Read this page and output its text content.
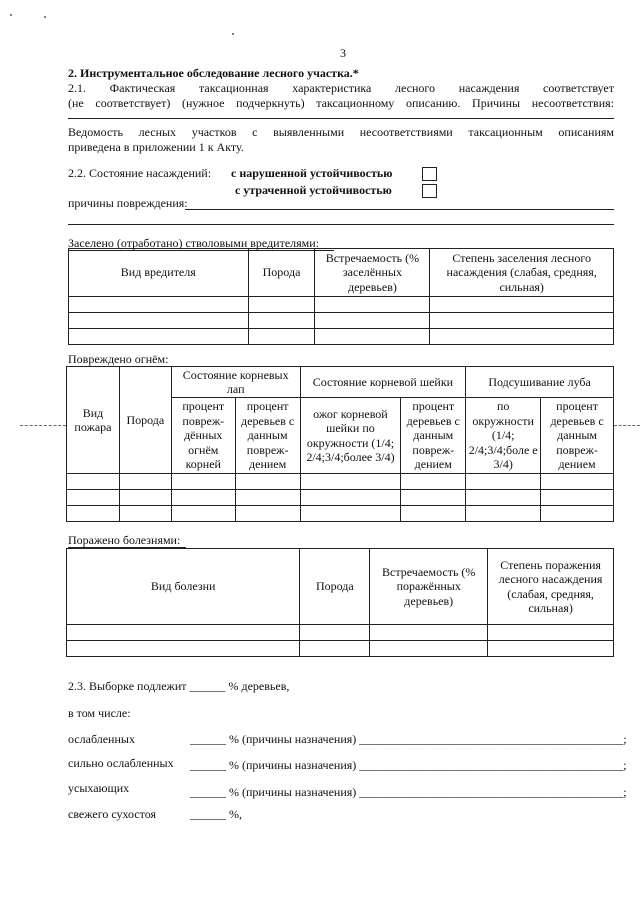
3
2. Инструментальное обследование лесного участка.*
2.1. Фактическая таксационная характеристика лесного насаждения соответствует
(не соответствует) (нужное подчеркнуть) таксационному описанию. Причины несоответствия:
Ведомость лесных участков с выявленными несоответствиями таксационным описаниям
приведена в приложении 1 к Акту.
2.2. Состояние насаждений: с нарушенной устойчивостью
с утраченной устойчивостью
причины повреждения:
Заселено (отработано) стволовыми вредителями:
Вид вредителя	Порода	Встречаемость (% заселённых деревьев)	Степень заселения лесного насаждения (слабая, средняя, сильная)

Повреждено огнём:
Вид пожара	Порода	Состояние корневых лап		Состояние корневой шейки		Подсушивание луба	
		процент повреж-дённых огнём корней	процент деревьев с данным повреж-дением	ожог корневой шейки по окружности (1/4; 2/4;3/4;более 3/4)	процент деревьев с данным повреж-дением	по окружности (1/4; 2/4;3/4;боле е 3/4)	процент деревьев с данным повреж-дением

Поражено болезнями:
Вид болезни	Порода	Встречаемость (% поражённых деревьев)	Степень поражения лесного насаждения (слабая, средняя, сильная)

2.3. Выборке подлежит ______ % деревьев,
в том числе:
ослабленных	______ % (причины назначения) ____________________________________________;
сильно ослабленных ______ % (причины назначения) ____________________________________________;
усыхающих	______ % (причины назначения) ____________________________________________;
свежего сухостоя	______ %,
